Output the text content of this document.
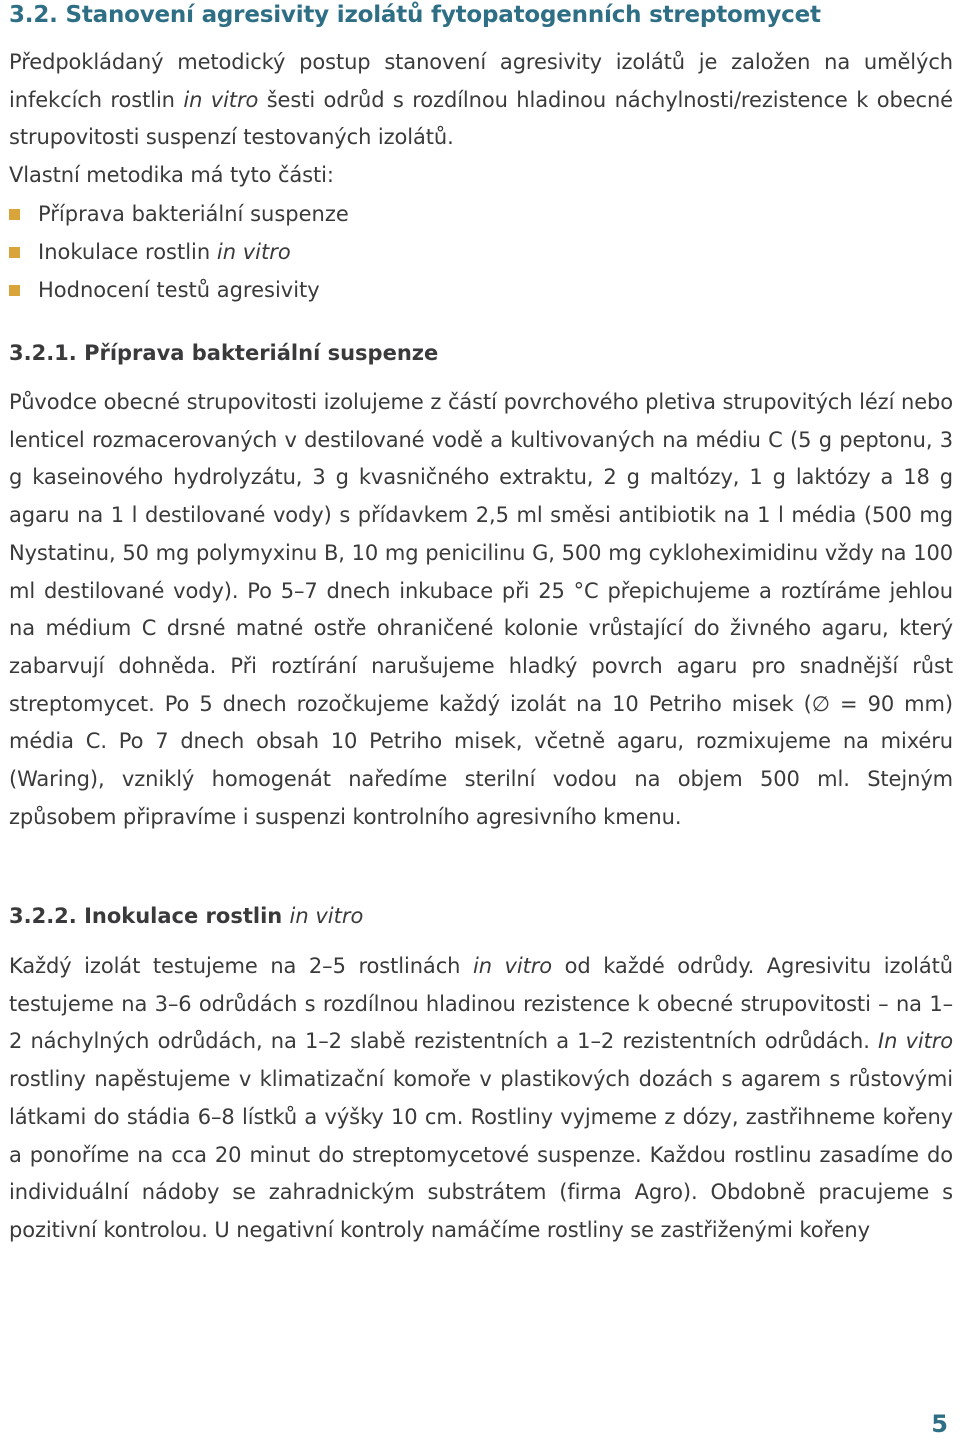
3.2. Stanovení agresivity izolátů fytopatogenních streptomycet
Předpokládaný metodický postup stanovení agresivity izolátů je založen na umělých infekcích rostlin in vitro šesti odrůd s rozdílnou hladinou náchylnosti/rezistence k obecné strupovitosti suspenzí testovaných izolátů.
Vlastní metodika má tyto části:
Příprava bakteriální suspenze
Inokulace rostlin in vitro
Hodnocení testů agresivity
3.2.1. Příprava bakteriální suspenze
Původce obecné strupovitosti izolujeme z částí povrchového pletiva strupovitých lézí nebo lenticel rozmacerovaných v destilované vodě a kultivovaných na médiu C (5 g peptonu, 3 g kaseinového hydrolyzátu, 3 g kvasničného extraktu, 2 g maltózy, 1 g laktózy a 18 g agaru na 1 l destilované vody) s přídavkem 2,5 ml směsi antibiotik na 1 l média (500 mg Nystatinu, 50 mg polymyxinu B, 10 mg penicilinu G, 500 mg cykloheximidinu vždy na 100 ml destilované vody). Po 5–7 dnech inkubace při 25 °C přepichujeme a roztíráme jehlou na médium C drsné matné ostře ohraničené kolonie vrůstající do živného agaru, který zabarvují dohněda. Při roztírání narušujeme hladký povrch agaru pro snadnější růst streptomycet. Po 5 dnech rozočkujeme každý izolát na 10 Petriho misek (∅ = 90 mm) média C. Po 7 dnech obsah 10 Petriho misek, včetně agaru, rozmixujeme na mixéru (Waring), vzniklý homogenát naředíme sterilní vodou na objem 500 ml. Stejným způsobem připravíme i suspenzi kontrolního agresivního kmenu.
3.2.2. Inokulace rostlin in vitro
Každý izolát testujeme na 2–5 rostlinách in vitro od každé odrůdy. Agresivitu izolátů testujeme na 3–6 odrůdách s rozdílnou hladinou rezistence k obecné strupovitosti – na 1–2 náchylných odrůdách, na 1–2 slabě rezistentních a 1–2 rezistentních odrůdách. In vitro rostliny napěstujeme v klimatizační komoře v plastikových dozách s agarem s růstovými látkami do stádia 6–8 lístků a výšky 10 cm. Rostliny vyjmeme z dózy, zastřihneme kořeny a ponoříme na cca 20 minut do streptomycetové suspenze. Každou rostlinu zasadíme do individuální nádoby se zahradnickým substrátem (firma Agro). Obdobně pracujeme s pozitivní kontrolou. U negativní kontroly namáčíme rostliny se zastřiženými kořeny
5
